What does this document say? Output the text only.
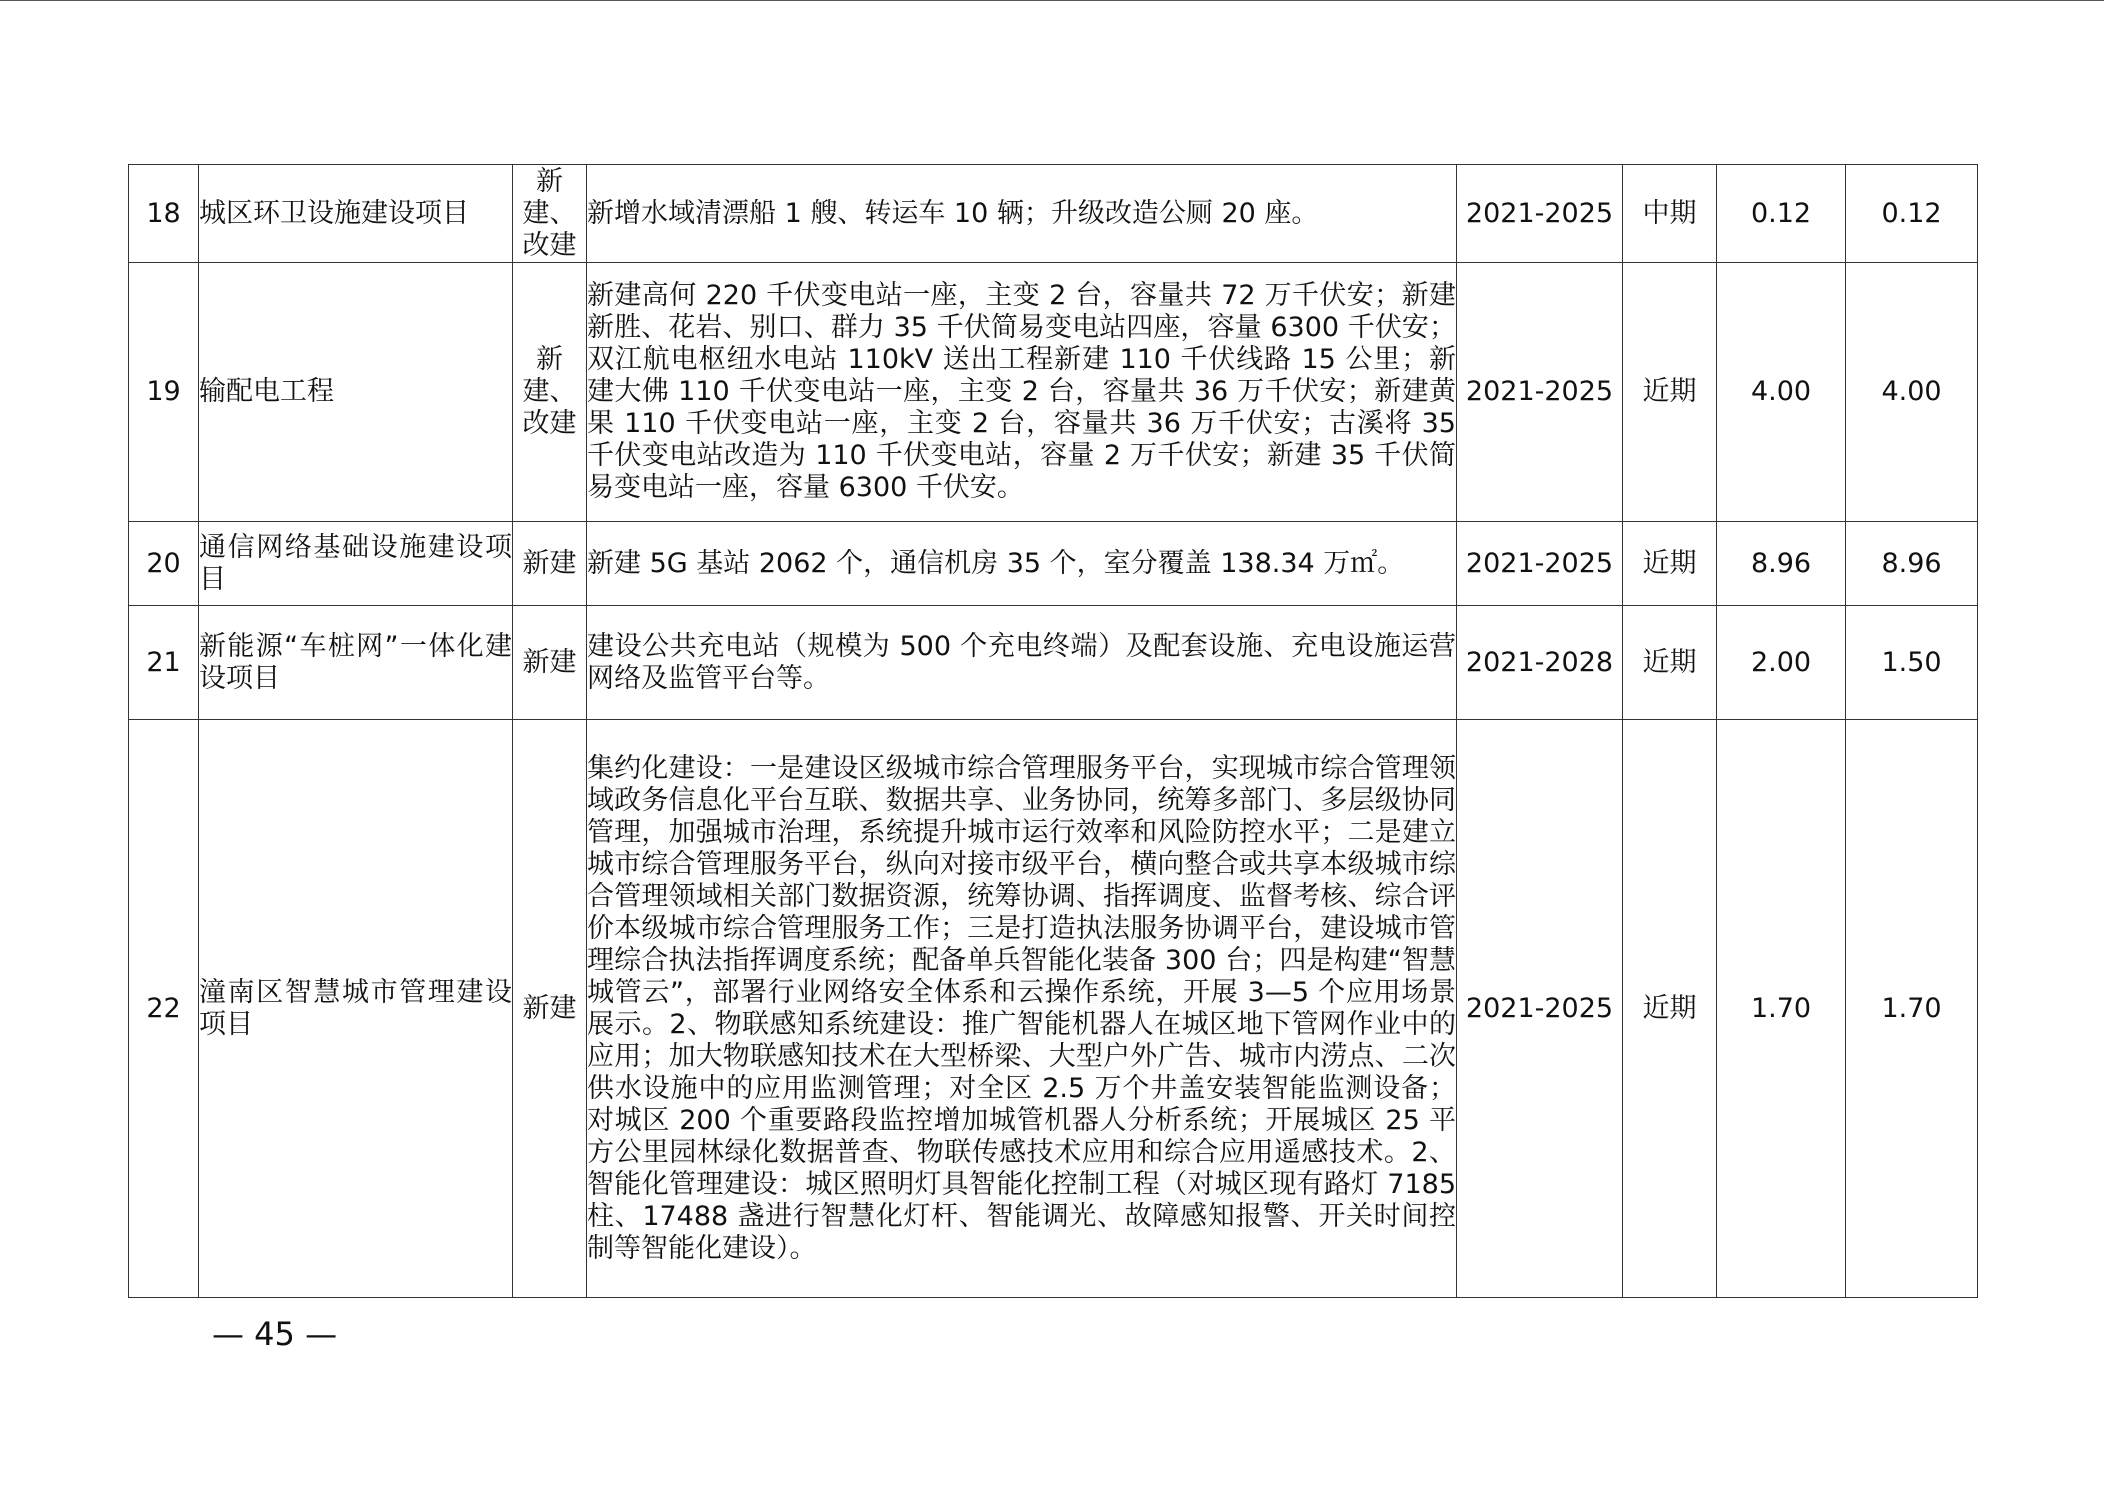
18	城区环卫设施建设项目	新建、改建	新增水域清漂船 1 艘、转运车 10 辆；升级改造公厕 20 座。	2021-2025	中期	0.12	0.12
19	输配电工程	新建、改建	新建高何 220 千伏变电站一座，主变 2 台，容量共 72 万千伏安；新建新胜、花岩、别口、群力 35 千伏简易变电站四座，容量 6300 千伏安；双江航电枢纽水电站 110kV 送出工程新建 110 千伏线路 15 公里；新建大佛 110 千伏变电站一座，主变 2 台，容量共 36 万千伏安；新建黄果 110 千伏变电站一座，主变 2 台，容量共 36 万千伏安；古溪将 35 千伏变电站改造为 110 千伏变电站，容量 2 万千伏安；新建 35 千伏简易变电站一座，容量 6300 千伏安。	2021-2025	近期	4.00	4.00
20	通信网络基础设施建设项目	新建	新建 5G 基站 2062 个，通信机房 35 个，室分覆盖 138.34 万㎡。	2021-2025	近期	8.96	8.96
21	新能源“车桩网”一体化建设项目	新建	建设公共充电站（规模为 500 个充电终端）及配套设施、充电设施运营网络及监管平台等。	2021-2028	近期	2.00	1.50
22	潼南区智慧城市管理建设项目	新建	集约化建设：一是建设区级城市综合管理服务平台，实现城市综合管理领域政务信息化平台互联、数据共享、业务协同，统筹多部门、多层级协同管理，加强城市治理，系统提升城市运行效率和风险防控水平；二是建立城市综合管理服务平台，纵向对接市级平台，横向整合或共享本级城市综合管理领域相关部门数据资源，统筹协调、指挥调度、监督考核、综合评价本级城市综合管理服务工作；三是打造执法服务协调平台，建设城市管理综合执法指挥调度系统；配备单兵智能化装备 300 台；四是构建“智慧城管云”，部署行业网络安全体系和云操作系统，开展 3—5 个应用场景展示。2、物联感知系统建设：推广智能机器人在城区地下管网作业中的应用；加大物联感知技术在大型桥梁、大型户外广告、城市内涝点、二次供水设施中的应用监测管理；对全区 2.5 万个井盖安装智能监测设备；对城区 200 个重要路段监控增加城管机器人分析系统；开展城区 25 平方公里园林绿化数据普查、物联传感技术应用和综合应用遥感技术。2、智能化管理建设：城区照明灯具智能化控制工程（对城区现有路灯 7185 柱、17488 盏进行智慧化灯杆、智能调光、故障感知报警、开关时间控制等智能化建设）。	2021-2025	近期	1.70	1.70
— 45 —
